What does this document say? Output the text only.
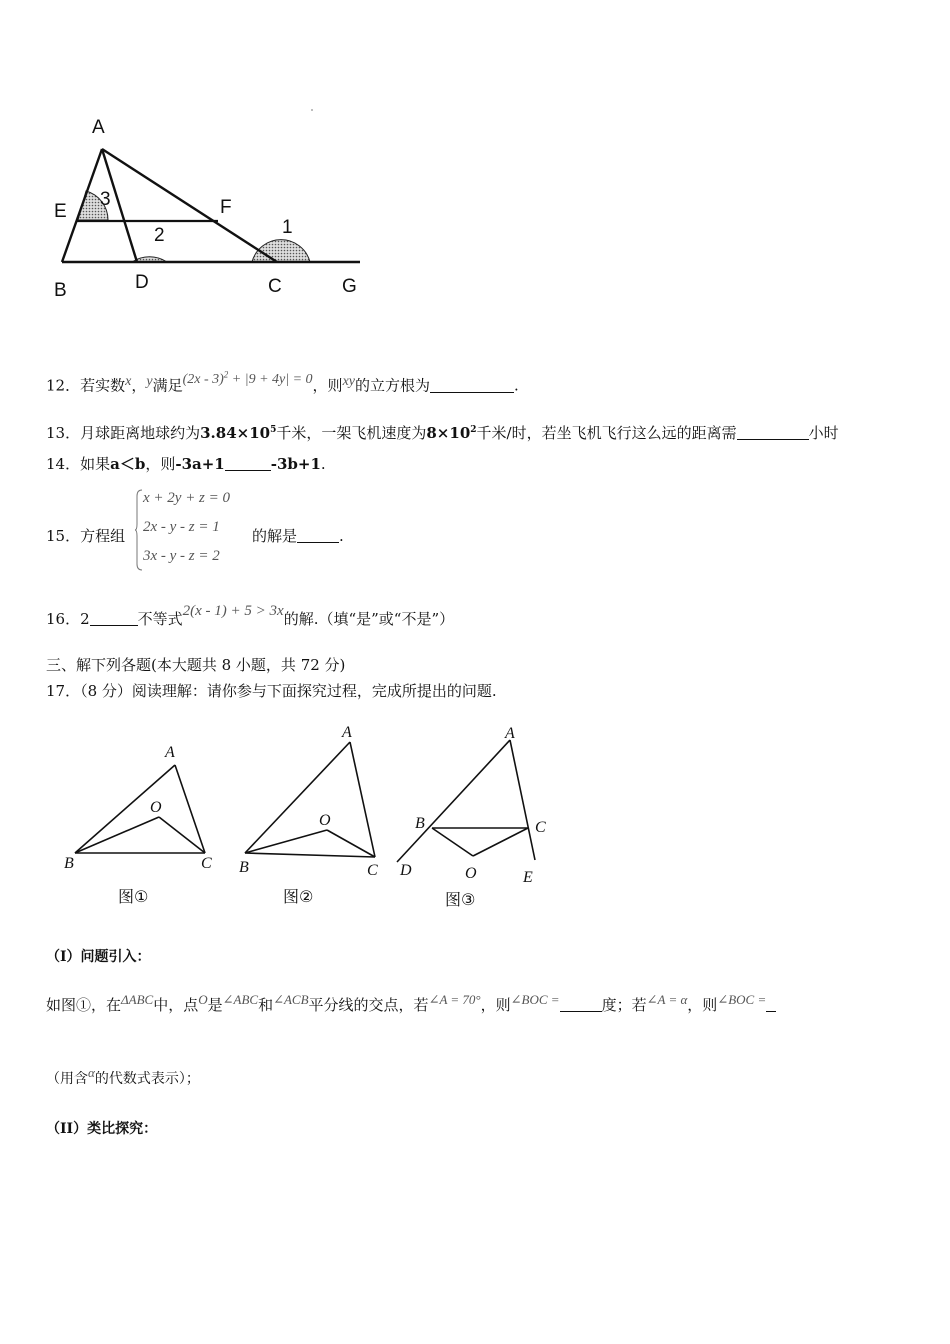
A
E	F
B	D	C	G
1
2
3
12．若实数x，y满足(2x - 3)$^2$ + |9 + 4y| = 0，则xy的立方根为	.
13．月球距离地球约为$3.84\times 10^5$千米，一架飞机速度为$8\times 10^2$千米/时，若坐飞机飞行这么远的距离需	小时
14．如果a＜b，则-3a+1	-3b+1.
15．方程组
x + 2y + z = 0
2x - y - z = 1
3x - y - z = 2
的解是	.
16．2	不等式2(x - 1) + 5 > 3x的解.（填“是”或“不是”）
三、解下列各题(本大题共 8 小题，共 72 分)
17．（8 分）阅读理解：请你参与下面探究过程，完成所提出的问题.
A
O
B	C
图①
A
O
B	C
图②
A
B	C
D	O	E
图③
（I）问题引入：
如图①，在ΔABC中，点O是∠ABC和∠ACB平分线的交点，若∠A = 70°，则∠BOC =	度；若∠A = α，则∠BOC =
（用含α的代数式表示）；
（II）类比探究：
